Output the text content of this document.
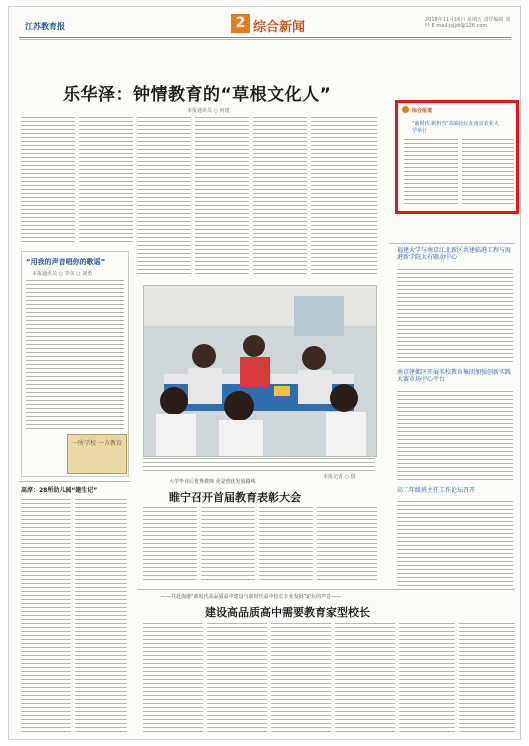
江苏教育报	2 综合新闻	2018年11月16日 星期五 责任编辑 刘叶 E-mail:jsjyb@126.com
乐华泽：钟情教育的“草根文化人”
本报通讯员 ○ 何建
“用我的声音唱你的歌谣”
本报通讯员 ○ 李东 ○ 刘勇
一所学校 一方教育
高淳：28所幼儿园“建生记”
本报记者 ○ 摄
大学毕业后优秀教师 更是创优发展路线
睢宁召开首届教育表彰大会
——共赴海港“新时代高品质高中建设与新时代高中校长专业发展”论坛的声音——
建设高品质高中需要教育家型校长
综合报道
“新时代·新担当”高端论坛在南京农业大学举行
福建大学与南京江北新区共建临港工程与海港新学院大有联动中心
南京建邺区开展名校教育集团加强创新实践大赛市场中心平台
高二年级班主任工作论坛召开
